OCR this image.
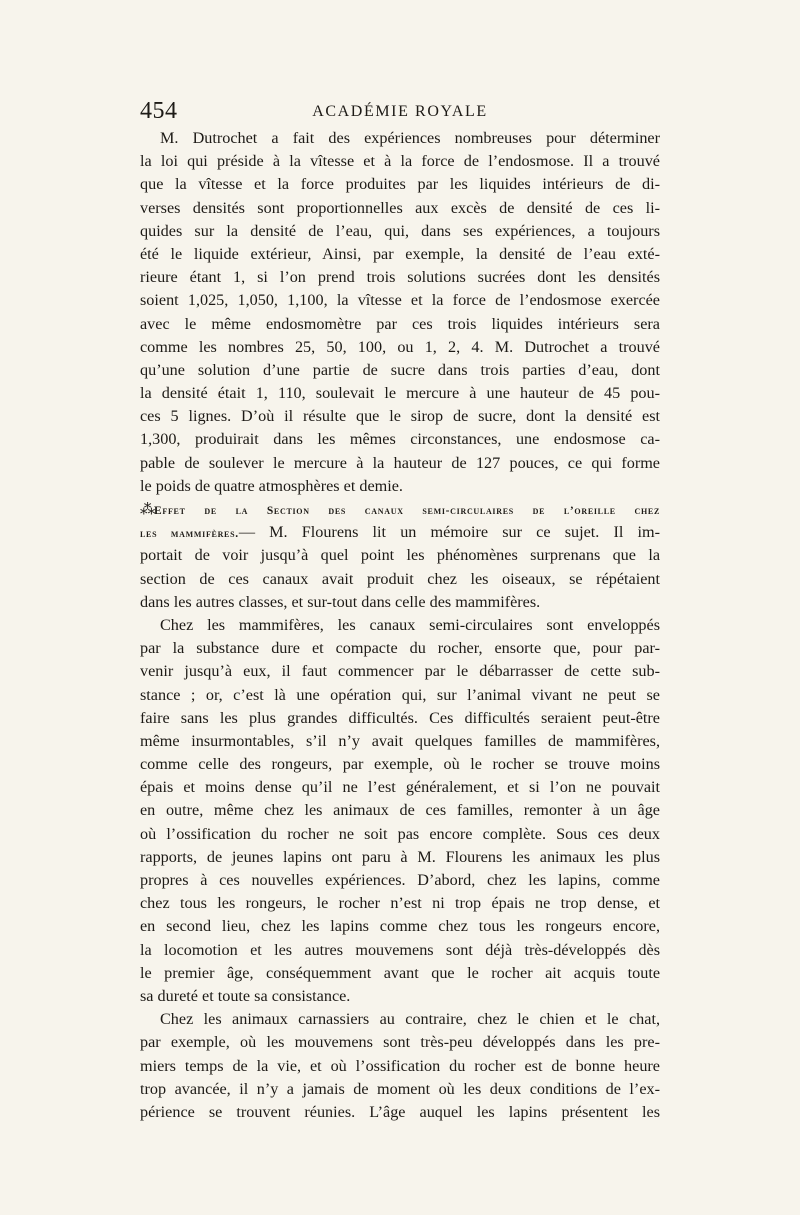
454	ACADÉMIE ROYALE
M. Dutrochet a fait des expériences nombreuses pour déterminer
la loi qui préside à la vîtesse et à la force de l’endosmose. Il a trouvé
que la vîtesse et la force produites par les liquides intérieurs de di-
verses densités sont proportionnelles aux excès de densité de ces li-
quides sur la densité de l’eau, qui, dans ses expériences, a toujours
été le liquide extérieur, Ainsi, par exemple, la densité de l’eau exté-
rieure étant 1, si l’on prend trois solutions sucrées dont les densités
soient 1,025, 1,050, 1,100, la vîtesse et la force de l’endosmose exercée
avec le même endosmomètre par ces trois liquides intérieurs sera
comme les nombres 25, 50, 100, ou 1, 2, 4. M. Dutrochet a trouvé
qu’une solution d’une partie de sucre dans trois parties d’eau, dont
la densité était 1, 110, soulevait le mercure à une hauteur de 45 pou-
ces 5 lignes. D’où il résulte que le sirop de sucre, dont la densité est
1,300, produirait dans les mêmes circonstances, une endosmose ca-
pable de soulever le mercure à la hauteur de 127 pouces, ce qui forme
le poids de quatre atmosphères et demie.
⁂Effet de la Section des canaux semi-circulaires de l’oreille chez
les mammifères.— M. Flourens lit un mémoire sur ce sujet. Il im-
portait de voir jusqu’à quel point les phénomènes surprenans que la
section de ces canaux avait produit chez les oiseaux, se répétaient
dans les autres classes, et sur-tout dans celle des mammifères.
Chez les mammifères, les canaux semi-circulaires sont enveloppés
par la substance dure et compacte du rocher, ensorte que, pour par-
venir jusqu’à eux, il faut commencer par le débarrasser de cette sub-
stance ; or, c’est là une opération qui, sur l’animal vivant ne peut se
faire sans les plus grandes difficultés. Ces difficultés seraient peut-être
même insurmontables, s’il n’y avait quelques familles de mammifères,
comme celle des rongeurs, par exemple, où le rocher se trouve moins
épais et moins dense qu’il ne l’est généralement, et si l’on ne pouvait
en outre, même chez les animaux de ces familles, remonter à un âge
où l’ossification du rocher ne soit pas encore complète. Sous ces deux
rapports, de jeunes lapins ont paru à M. Flourens les animaux les plus
propres à ces nouvelles expériences. D’abord, chez les lapins, comme
chez tous les rongeurs, le rocher n’est ni trop épais ne trop dense, et
en second lieu, chez les lapins comme chez tous les rongeurs encore,
la locomotion et les autres mouvemens sont déjà très-développés dès
le premier âge, conséquemment avant que le rocher ait acquis toute
sa dureté et toute sa consistance.
Chez les animaux carnassiers au contraire, chez le chien et le chat,
par exemple, où les mouvemens sont très-peu développés dans les pre-
miers temps de la vie, et où l’ossification du rocher est de bonne heure
trop avancée, il n’y a jamais de moment où les deux conditions de l’ex-
périence se trouvent réunies. L’âge auquel les lapins présentent les
